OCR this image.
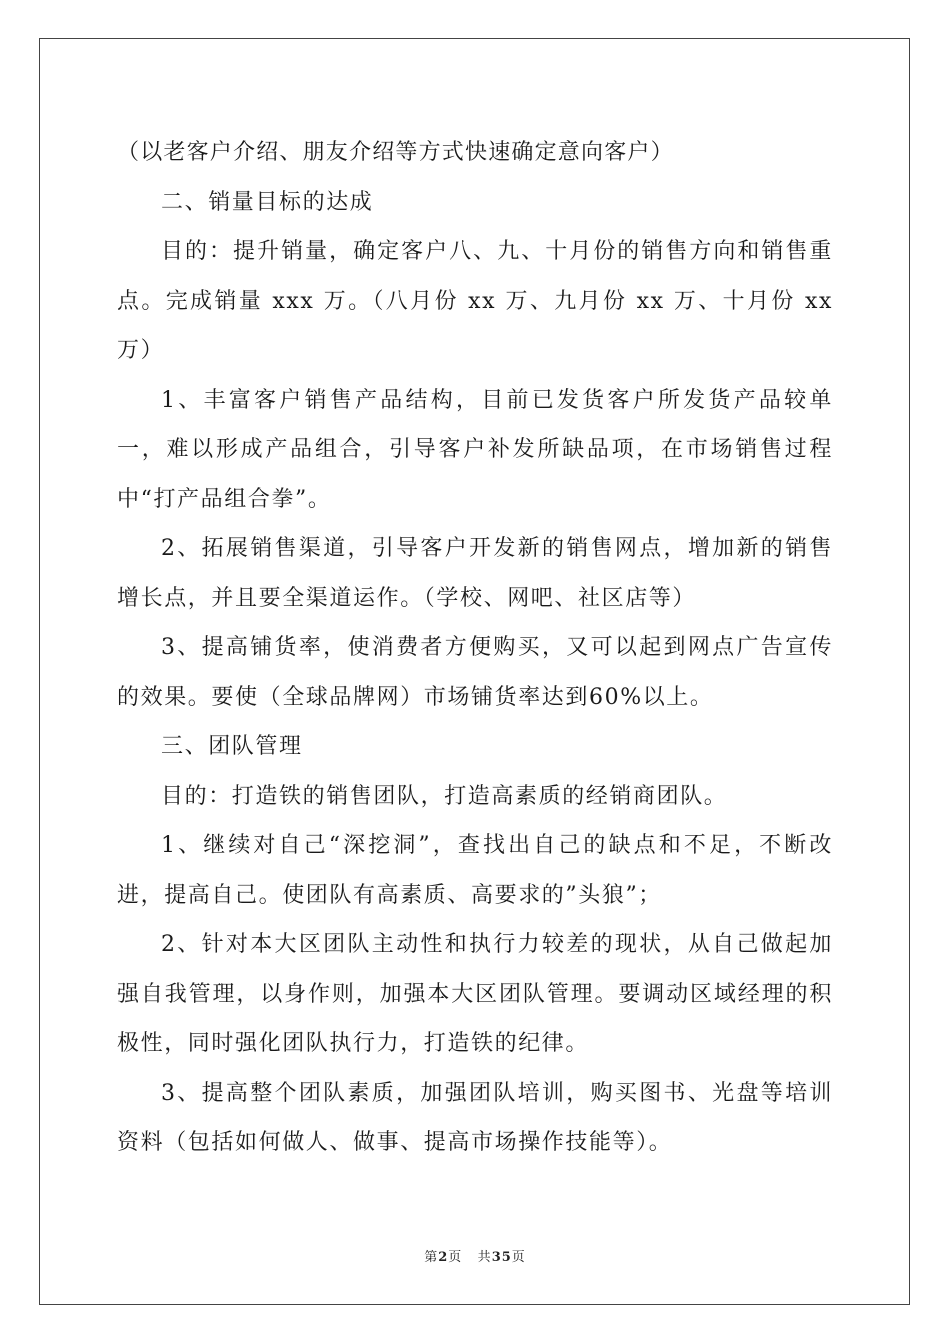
（以老客户介绍、朋友介绍等方式快速确定意向客户）

二、销量目标的达成

目的：提升销量，确定客户八、九、十月份的销售方向和销售重点。完成销量 xxx 万。（八月份 xx 万、九月份 xx 万、十月份 xx 万）

1、丰富客户销售产品结构，目前已发货客户所发货产品较单一，难以形成产品组合，引导客户补发所缺品项，在市场销售过程中“打产品组合拳”。

2、拓展销售渠道，引导客户开发新的销售网点，增加新的销售增长点，并且要全渠道运作。（学校、网吧、社区店等）

3、提高铺货率，使消费者方便购买，又可以起到网点广告宣传的效果。要使（全球品牌网）市场铺货率达到60%以上。

三、团队管理

目的：打造铁的销售团队，打造高素质的经销商团队。

1、继续对自己“深挖洞”，查找出自己的缺点和不足，不断改进，提高自己。使团队有高素质、高要求的”头狼”；

2、针对本大区团队主动性和执行力较差的现状，从自己做起加强自我管理，以身作则，加强本大区团队管理。要调动区域经理的积极性，同时强化团队执行力，打造铁的纪律。

3、提高整个团队素质，加强团队培训，购买图书、光盘等培训资料（包括如何做人、做事、提高市场操作技能等）。

第2页 共35页
